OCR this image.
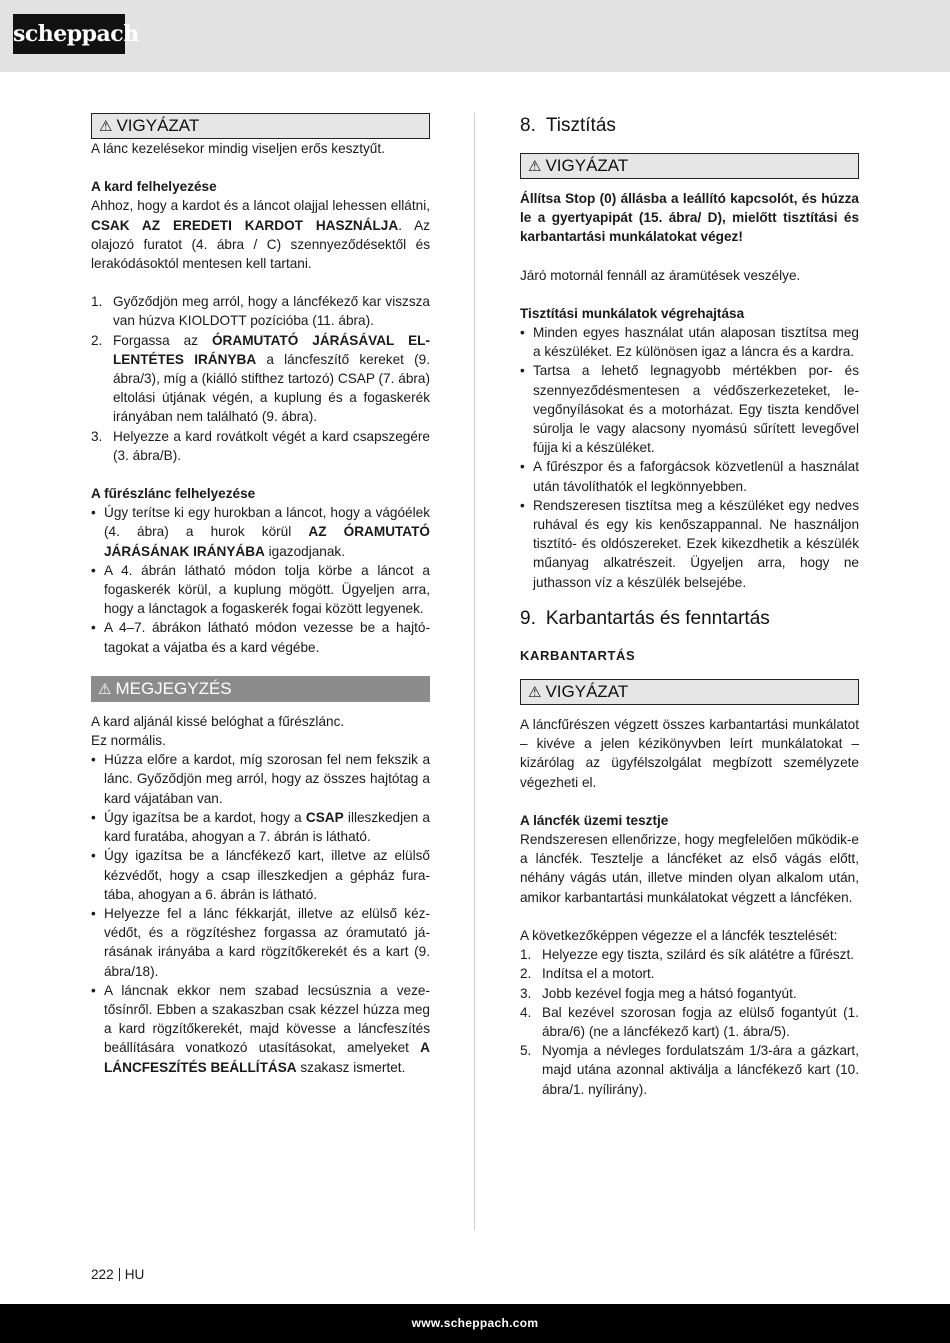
scheppach
⚠ VIGYÁZAT

A lánc kezelésekor mindig viseljen erős kesztyűt.

A kard felhelyezése

Ahhoz, hogy a kardot és a láncot olajjal lehessen ellátni, CSAK AZ EREDETI KARDOT HASZNÁLJA. Az olajozó furatot (4. ábra / C) szennyeződésektől és lerakódásoktól mentesen kell tartani.

1. Győződjön meg arról, hogy a láncfékező kar viszsza van húzva KIOLDOTT pozícióba (11. ábra).
2. Forgassa az ÓRAMUTATÓ JÁRÁSÁVAL ELLENTÉTES IRÁNYBA a láncfeszítő kereket (9. ábra/3), míg a (kiálló stifthez tartozó) CSAP (7. ábra) eltolási útjának végén, a kuplung és a fogaskerék irányában nem található (9. ábra).
3. Helyezze a kard rovátkolt végét a kard csapszegére (3. ábra/B).

A fűrészlánc felhelyezése

• Úgy terítse ki egy hurokban a láncot, hogy a vágóélek (4. ábra) a hurok körül AZ ÓRAMUTATÓ JÁRÁSÁNAK IRÁNYÁBA igazodjanak.
• A 4. ábrán látható módon tolja körbe a láncot a fogaskerék körül, a kuplung mögött. Ügyeljen arra, hogy a lánctagok a fogaskerék fogai között legyenek.
• A 4–7. ábrákon látható módon vezesse be a hajtótagokat a vájatba és a kard végébe.
⚠ MEGJEGYZÉS

A kard aljánál kissé belóghat a fűrészlánc.

Ez normális.

• Húzza előre a kardot, míg szorosan fel nem fekszik a lánc. Győződjön meg arról, hogy az összes hajtótag a kard vájatában van.
• Úgy igazítsa be a kardot, hogy a CSAP illeszkedjen a kard furatába, ahogyan a 7. ábrán is látható.
• Úgy igazítsa be a láncfékező kart, illetve az elülső kézvédőt, hogy a csap illeszkedjen a gépház furatába, ahogyan a 6. ábrán is látható.
• Helyezze fel a lánc fékkarját, illetve az elülső kézvédőt, és a rögzítéshez forgassa az óramutató járásának irányába a kard rögzítőkerekét és a kart (9. ábra/18).
• A láncnak ekkor nem szabad lecsúsznia a vezetősínről. Ebben a szakaszban csak kézzel húzza meg a kard rögzítőkerekét, majd kövesse a láncfeszítés beállítására vonatkozó utasításokat, amelyeket A LÁNCFESZÍTÉS BEÁLLÍTÁSA szakasz ismertet.
8. Tisztítás
⚠ VIGYÁZAT

Állítsa Stop (0) állásba a leállító kapcsolót, és húzza le a gyertyapipát (15. ábra/ D), mielőtt tisztítási és karbantartási munkálatokat végez!

Járó motornál fennáll az áramütések veszélye.

Tisztítási munkálatok végrehajtása

• Minden egyes használat után alaposan tisztítsa meg a készüléket. Ez különösen igaz a láncra és a kardra.
• Tartsa a lehető legnagyobb mértékben por- és szennyeződésmentesen a védőszerkezeteket, levegőnyílásokat és a motorházat. Egy tiszta kendővel súrolja le vagy alacsony nyomású sűrített levegővel fújja ki a készüléket.
• A fűrészpor és a faforgácsok közvetlenül a használat után távolíthatók el legkönnyebben.
• Rendszeresen tisztítsa meg a készüléket egy nedves ruhával és egy kis kenőszappannal. Ne használjon tisztító- és oldószereket. Ezek kikezdhetik a készülék műanyag alkatrészeit. Ügyeljen arra, hogy ne juthasson víz a készülék belsejébe.
9. Karbantartás és fenntartás

KARBANTARTÁS

⚠ VIGYÁZAT

A láncfűrészen végzett összes karbantartási munkálatot – kivéve a jelen kézikönyvben leírt munkálatokat – kizárólag az ügyfélszolgálat megbízott személyzete végezheti el.

A láncfék üzemi tesztje

Rendszeresen ellenőrizze, hogy megfelelően működik-e a láncfék. Tesztelje a láncféket az első vágás előtt, néhány vágás után, illetve minden olyan alkalom után, amikor karbantartási munkálatokat végzett a láncféken.

A következőképpen végezze el a láncfék tesztelését:

1. Helyezze egy tiszta, szilárd és sík alátétre a fűrészt.
2. Indítsa el a motort.
3. Jobb kezével fogja meg a hátsó fogantyút.
4. Bal kezével szorosan fogja az elülső fogantyút (1. ábra/6) (ne a láncfékező kart) (1. ábra/5).
5. Nyomja a névleges fordulatszám 1/3-ára a gázkart, majd utána azonnal aktiválja a láncfékező kart (10. ábra/1. nyílirány).
222 HU
www.scheppach.com
